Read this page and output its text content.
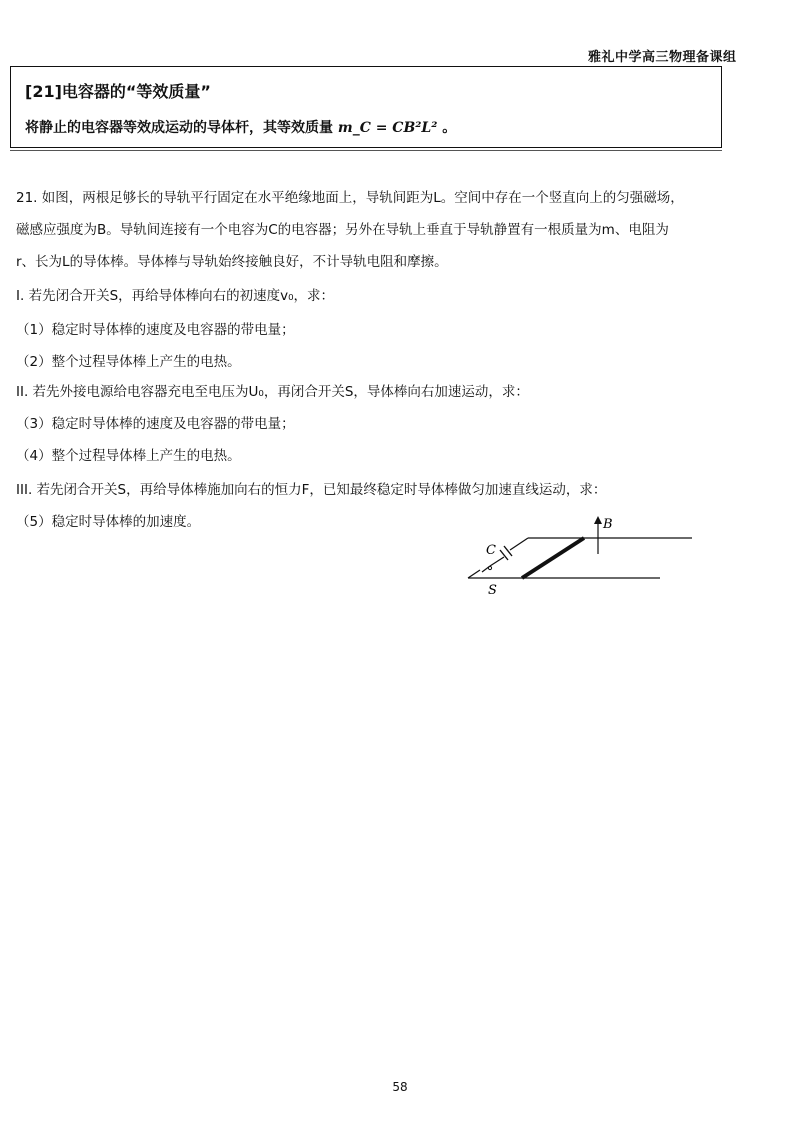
雅礼中学高三物理备课组
[21]电容器的“等效质量”
将静止的电容器等效成运动的导体杆，其等效质量 m_C = CB²L² 。
21. 如图，两根足够长的导轨平行固定在水平绝缘地面上，导轨间距为L。空间中存在一个竖直向上的匀强磁场，
磁感应强度为B。导轨间连接有一个电容为C的电容器；另外在导轨上垂直于导轨静置有一根质量为m、电阻为
r、长为L的导体棒。导体棒与导轨始终接触良好，不计导轨电阻和摩擦。
I. 若先闭合开关S，再给导体棒向右的初速度v₀，求：
（1）稳定时导体棒的速度及电容器的带电量；
（2）整个过程导体棒上产生的电热。
II. 若先外接电源给电容器充电至电压为U₀，再闭合开关S，导体棒向右加速运动，求：
（3）稳定时导体棒的速度及电容器的带电量；
（4）整个过程导体棒上产生的电热。
III. 若先闭合开关S，再给导体棒施加向右的恒力F，已知最终稳定时导体棒做匀加速直线运动，求：
（5）稳定时导体棒的加速度。	B
C
S
58
